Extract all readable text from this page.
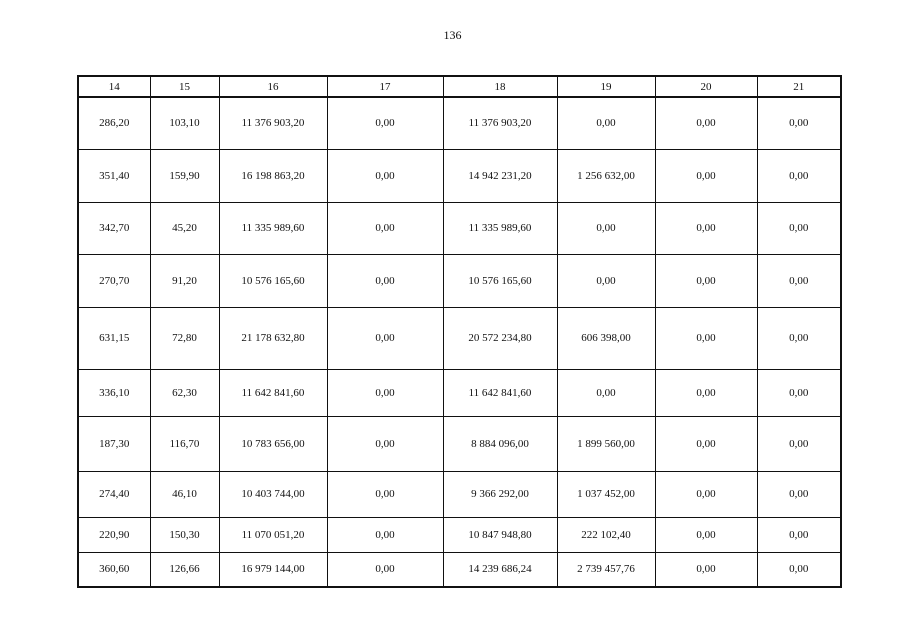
136
14	15	16	17	18	19	20	21
286,20	103,10	11 376 903,20	0,00	11 376 903,20	0,00	0,00	0,00
351,40	159,90	16 198 863,20	0,00	14 942 231,20	1 256 632,00	0,00	0,00
342,70	45,20	11 335 989,60	0,00	11 335 989,60	0,00	0,00	0,00
270,70	91,20	10 576 165,60	0,00	10 576 165,60	0,00	0,00	0,00
631,15	72,80	21 178 632,80	0,00	20 572 234,80	606 398,00	0,00	0,00
336,10	62,30	11 642 841,60	0,00	11 642 841,60	0,00	0,00	0,00
187,30	116,70	10 783 656,00	0,00	8 884 096,00	1 899 560,00	0,00	0,00
274,40	46,10	10 403 744,00	0,00	9 366 292,00	1 037 452,00	0,00	0,00
220,90	150,30	11 070 051,20	0,00	10 847 948,80	222 102,40	0,00	0,00
360,60	126,66	16 979 144,00	0,00	14 239 686,24	2 739 457,76	0,00	0,00
